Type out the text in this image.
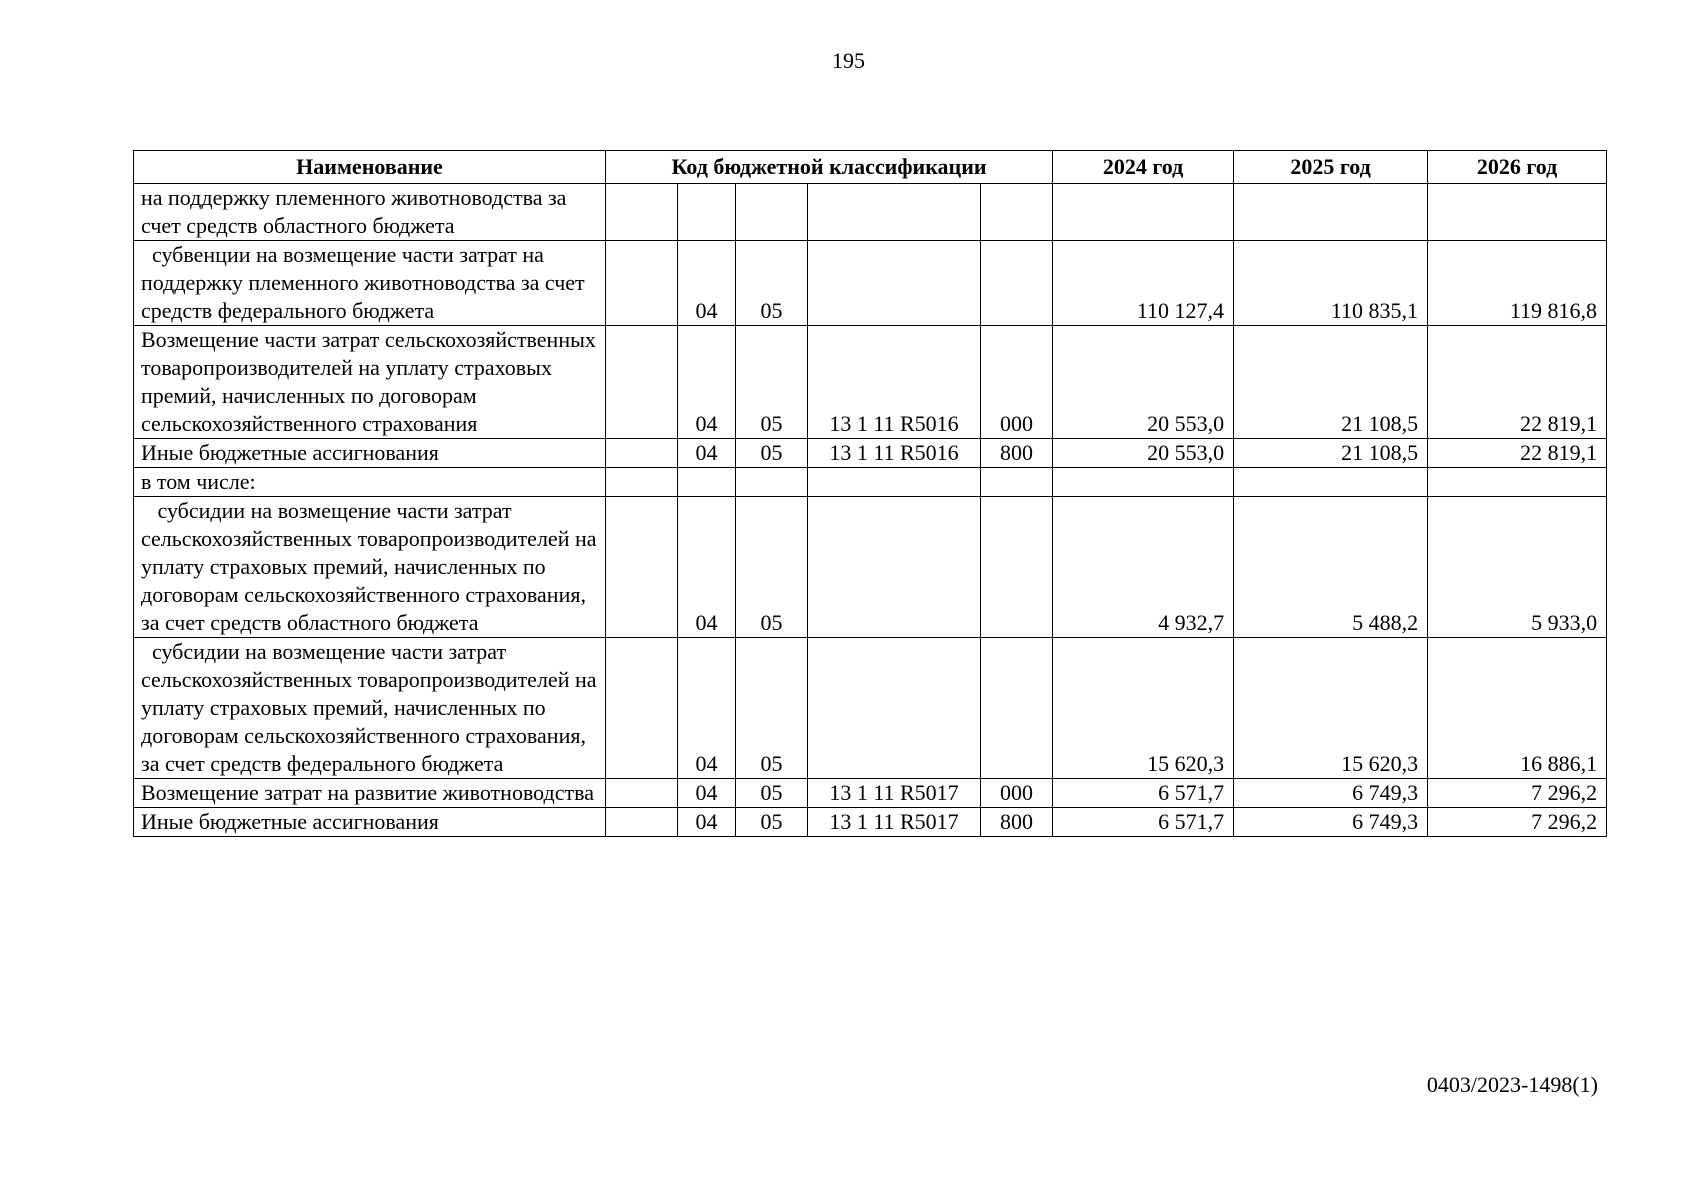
195
Наименование	Код бюджетной классификации					2024 год	2025 год	2026 год
на поддержку племенного животноводства за счет средств областного бюджета								
субвенции на возмещение части затрат на поддержку племенного животноводства за счет средств федерального бюджета		04	05			110 127,4	110 835,1	119 816,8
Возмещение части затрат сельскохозяйственных товаропроизводителей на уплату страховых премий, начисленных по договорам сельскохозяйственного страхования		04	05	13 1 11 R5016	000	20 553,0	21 108,5	22 819,1
Иные бюджетные ассигнования		04	05	13 1 11 R5016	800	20 553,0	21 108,5	22 819,1
в том числе:								
субсидии на возмещение части затрат сельскохозяйственных товаропроизводителей на уплату страховых премий, начисленных по договорам сельскохозяйственного страхования, за счет средств областного бюджета		04	05			4 932,7	5 488,2	5 933,0
субсидии на возмещение части затрат сельскохозяйственных товаропроизводителей на уплату страховых премий, начисленных по договорам сельскохозяйственного страхования, за счет средств федерального бюджета		04	05			15 620,3	15 620,3	16 886,1
Возмещение затрат на развитие животноводства		04	05	13 1 11 R5017	000	6 571,7	6 749,3	7 296,2
Иные бюджетные ассигнования		04	05	13 1 11 R5017	800	6 571,7	6 749,3	7 296,2
0403/2023-1498(1)
